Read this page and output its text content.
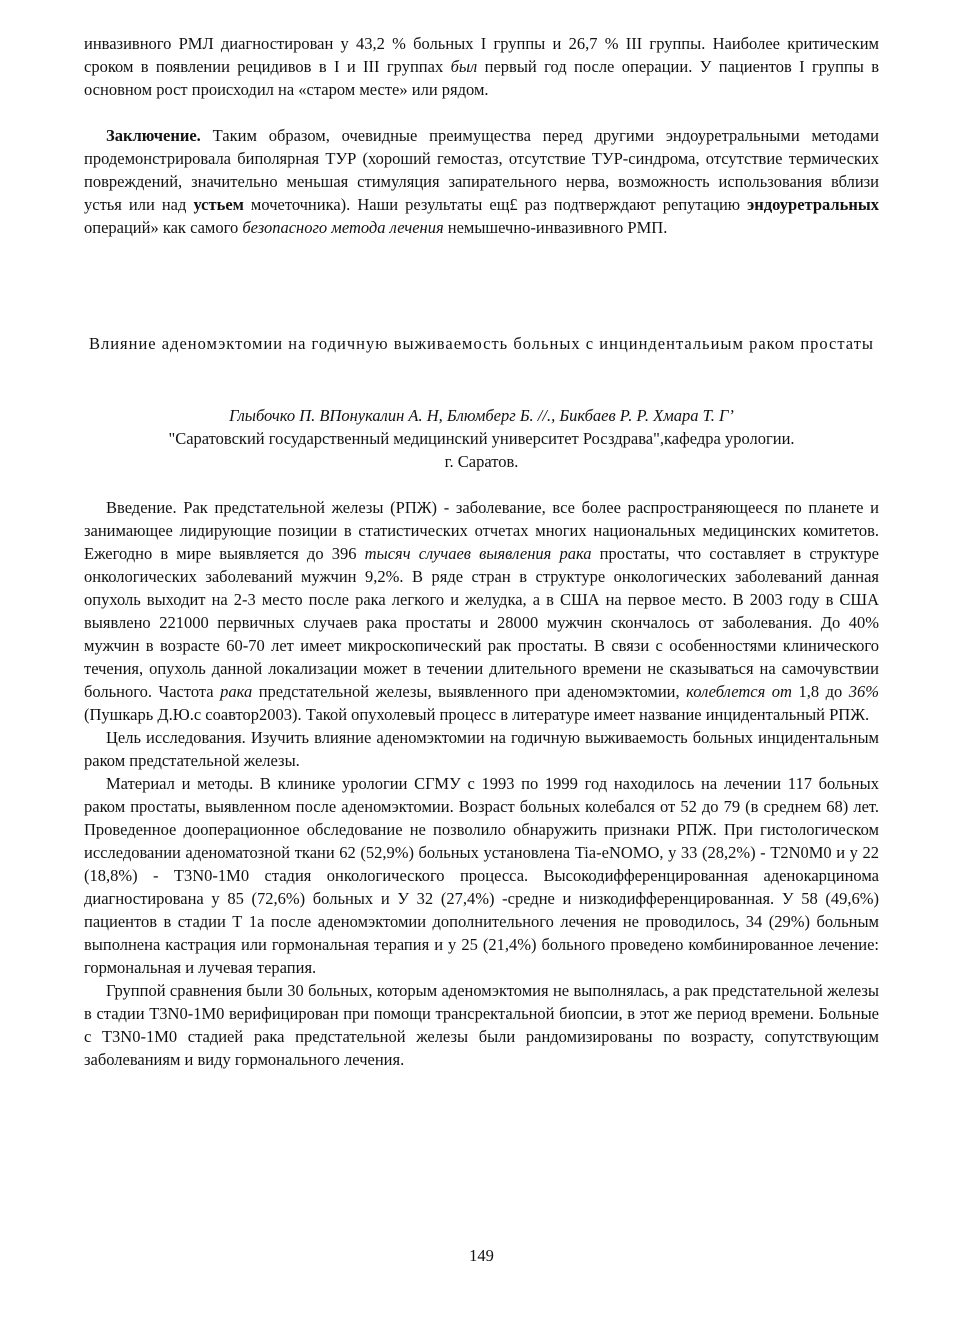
инвазивного РМЛ диагностирован у 43,2 % больных I группы и 26,7 % III группы. Наиболее критическим сроком в появлении рецидивов в I и III группах был первый год после операции. У пациентов I группы в основном рост происходил на «старом месте» или рядом.

Заключение. Таким образом, очевидные преимущества перед другими эндоуретральными методами продемонстрировала биполярная ТУР (хороший гемостаз, отсутствие ТУР-синдрома, отсутствие термических повреждений, значительно меньшая стимуляция запирательного нерва, возможность использования вблизи устья или над устьем мочеточника). Наши результаты ещ£ раз подтверждают репутацию эндоуретральных операций» как самого безопасного метода лечения немышечно-инвазивного РМП.

Влияние аденомэктомии на годичную выживаемость больных с инциндентальиым раком простаты

Глыбочко П. ВПонукалин А. Н, Блюмберг Б. //., Бикбаев Р. Р. Хмара Т. Г’

"Саратовский государственный медицинский университет Росздрава",кафедра урологии.

г. Саратов.

Введение. Рак предстательной железы (РПЖ) - заболевание, все более распространяющееся по планете и занимающее лидирующие позиции в статистических отчетах многих национальных медицинских комитетов. Ежегодно в мире выявляется до 396 тысяч случаев выявления рака простаты, что составляет в структуре онкологических заболеваний мужчин 9,2%. В ряде стран в структуре онкологических заболеваний данная опухоль выходит на 2-3 место после рака легкого и желудка, а в США на первое место. В 2003 году в США выявлено 221000 первичных случаев рака простаты и 28000 мужчин скончалось от заболевания. До 40% мужчин в возрасте 60-70 лет имеет микроскопический рак простаты. В связи с особенностями клинического течения, опухоль данной локализации может в течении длительного времени не сказываться на самочувствии больного. Частота рака предстательной железы, выявленного при аденомэктомии, колеблется от 1,8 до 36% (Пушкарь Д.Ю.с соавтор2003). Такой опухолевый процесс в литературе имеет название инцидентальный РПЖ.

Цель исследования. Изучить влияние аденомэктомии на годичную выживаемость больных инцидентальным раком предстательной железы.

Материал и методы. В клинике урологии СГМУ с 1993 по 1999 год находилось на лечении 117 больных раком простаты, выявленном после аденомэктомии. Возраст больных колебался от 52 до 79 (в среднем 68) лет. Проведенное дооперационное обследование не позволило обнаружить признаки РПЖ. При гистологическом исследовании аденоматозной ткани 62 (52,9%) больных установлена Tia-eNOMO, у 33 (28,2%) - T2N0M0 и у 22 (18,8%) - T3N0-1M0 стадия онкологического процесса. Высокодифференцированная аденокарцинома диагностирована у 85 (72,6%) больных и У 32 (27,4%) -средне и низкодифференцированная. У 58 (49,6%) пациентов в стадии Т 1а после аденомэктомии дополнительного лечения не проводилось, 34 (29%) больным выполнена кастрация или гормональная терапия и у 25 (21,4%) больного проведено комбинированное лечение: гормональная и лучевая терапия.

Группой сравнения были 30 больных, которым аденомэктомия не выполнялась, а рак предстательной железы в стадии T3N0-1M0 верифицирован при помощи трансректальной биопсии, в этот же период времени. Больные с T3N0-1M0 стадией рака предстательной железы были рандомизированы по возрасту, сопутствующим заболеваниям и виду гормонального лечения.

149
